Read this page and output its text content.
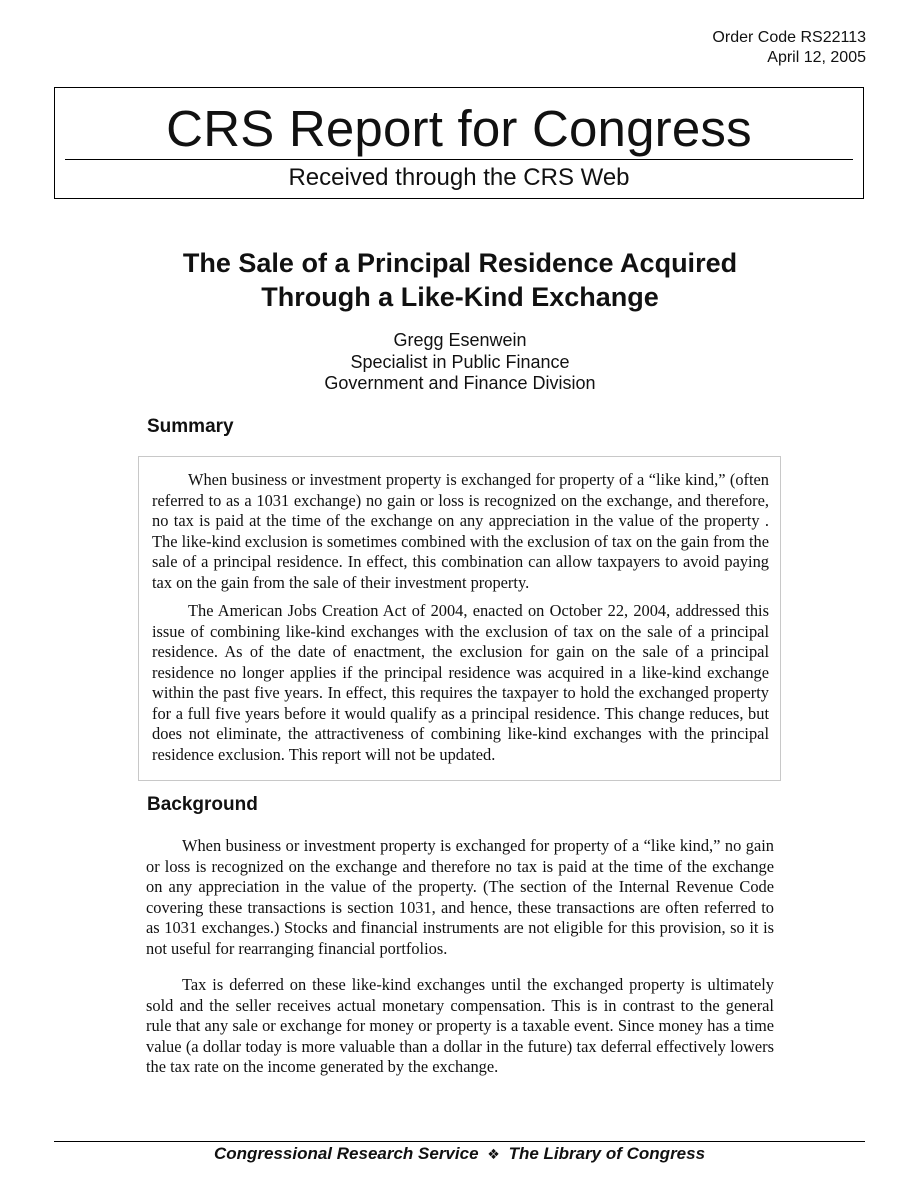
Order Code RS22113
April 12, 2005
CRS Report for Congress
Received through the CRS Web
The Sale of a Principal Residence Acquired
Through a Like-Kind Exchange
Gregg Esenwein
Specialist in Public Finance
Government and Finance Division
Summary

When business or investment property is exchanged for property of a “like kind,” (often referred to as a 1031 exchange) no gain or loss is recognized on the exchange, and therefore, no tax is paid at the time of the exchange on any appreciation in the value of the property . The like-kind exclusion is sometimes combined with the exclusion of tax on the gain from the sale of a principal residence. In effect, this combination can allow taxpayers to avoid paying tax on the gain from the sale of their investment property.

The American Jobs Creation Act of 2004, enacted on October 22, 2004, addressed this issue of combining like-kind exchanges with the exclusion of tax on the sale of a principal residence. As of the date of enactment, the exclusion for gain on the sale of a principal residence no longer applies if the principal residence was acquired in a like-kind exchange within the past five years. In effect, this requires the taxpayer to hold the exchanged property for a full five years before it would qualify as a principal residence. This change reduces, but does not eliminate, the attractiveness of combining like-kind exchanges with the principal residence exclusion. This report will not be updated.

Background

When business or investment property is exchanged for property of a “like kind,” no gain or loss is recognized on the exchange and therefore no tax is paid at the time of the exchange on any appreciation in the value of the property. (The section of the Internal Revenue Code covering these transactions is section 1031, and hence, these transactions are often referred to as 1031 exchanges.) Stocks and financial instruments are not eligible for this provision, so it is not useful for rearranging financial portfolios.

Tax is deferred on these like-kind exchanges until the exchanged property is ultimately sold and the seller receives actual monetary compensation. This is in contrast to the general rule that any sale or exchange for money or property is a taxable event. Since money has a time value (a dollar today is more valuable than a dollar in the future) tax deferral effectively lowers the tax rate on the income generated by the exchange.

Congressional Research Service ❖ The Library of Congress
